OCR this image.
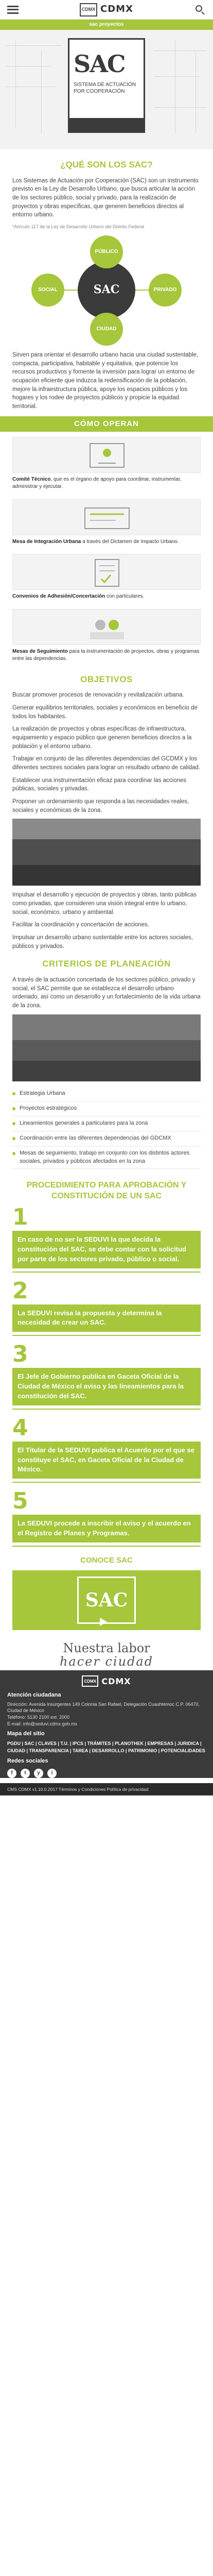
CDMX CDMX
sac proyectos
SAC
SISTEMA DE ACTUACIÓN POR COOPERACIÓN
¿QUÉ SON LOS SAC?

Los Sistemas de Actuación por Cooperación (SAC) son un instrumento previsto en la Ley de Desarrollo Urbano, que busca articular la acción de los sectores público, social y privado, para la realización de proyectos y obras específicas, que generen beneficios directos al entorno urbano.

*Artículo 117 de la Ley de Desarrollo Urbano del Distrito Federal

SAC
PÚBLICO
SOCIAL	PRIVADO
CIUDAD

Sirven para orientar el desarrollo urbano hacia una ciudad sustentable, compacta, participativa, habitable y equitativa, que potencie los recursos productivos y fomente la inversión para lograr un entorno de ocupación eficiente que induzca la redensificación de la población, mejore la infraestructura pública, apoye los espacios públicos y los hogares y los rodee de proyectos públicos y propicie la equidad territorial.

CÓMO OPERAN
Comité Técnico, que es el órgano de apoyo para coordinar, instrumentar, administrar y ejecutar.
Mesa de Integración Urbana a través del Dictamen de Impacto Urbano.
Convenios de Adhesión/Concertación con particulares.
Mesas de Seguimiento para la instrumentación de proyectos, obras y programas entre las dependencias.
OBJETIVOS

Buscar promover procesos de renovación y revitalización urbana.

Generar equilibrios territoriales, sociales y económicos en beneficio de todos los habitantes.

La realización de proyectos y obras específicas de infraestructura, equipamiento y espacio público que generen beneficios directos a la población y el entorno urbano.

Trabajar en conjunto de las diferentes dependencias del GCDMX y los diferentes sectores sociales para lograr un resultado urbano de calidad.

Establecer una instrumentación eficaz para coordinar las acciones públicas, sociales y privadas.

Proponer un ordenamiento que responda a las necesidades reales, sociales y económicas de la zona.

Impulsar el desarrollo y ejecución de proyectos y obras, tanto públicas como privadas, que consideren una visión integral entre lo urbano, social, económico, urbano y ambiental.

Facilitar la coordinación y concertación de acciones.

Impulsar un desarrollo urbano sustentable entre los actores sociales, públicos y privados.

CRITERIOS DE PLANEACIÓN

A través de la actuación concertada de los sectores público, privado y social, el SAC permite que se establezca el desarrollo urbano ordenado, así como un desarrollo y un fortalecimiento de la vida urbana de la zona.

Estrategia Urbana
Proyectos estratégicos
Lineamientos generales a particulares para la zona
Coordinación entre las diferentes dependencias del GDCMX
Mesas de seguimiento, trabajo en conjunto con los distintos actores sociales, privados y públicos afectados en la zona
PROCEDIMIENTO PARA APROBACIÓN Y CONSTITUCIÓN DE UN SAC
1
En caso de no ser la SEDUVI la que decida la constitución del SAC, se debe contar con la solicitud por parte de los sectores privado, público o social.
2
La SEDUVI revisa la propuesta y determina la necesidad de crear un SAC.
3
El Jefe de Gobierno publica en Gaceta Oficial de la Ciudad de México el aviso y las lineamientos para la constitución del SAC.
4
El Titular de la SEDUVI publica el Acuerdo por el que se constituye el SAC, en Gaceta Oficial de la Ciudad de México.
5
La SEDUVI procede a inscribir el aviso y el acuerdo en el Registro de Planes y Programas.
CONOCE SAC
SAC
Nuestra labor
hacer ciudad
CDMX CDMX
Atención ciudadana

Dirección: Avenida Insurgentes 149 Colonia San Rafael, Delegación Cuauhtémoc C.P. 06470, Ciudad de México

Teléfono: 5130 2100 ext. 2000

E-mail: info@seduvi.cdmx.gob.mx

Mapa del sitio
PGDU | SAC | CLAVES | T.U. | IPCS | TRÁMITES | PLANOTHEK | EMPRESAS | JURIDICA | CIUDAD | TRANSPARENCIA | TAREA | DESARROLLO | PATRIMONIO | POTENCIALIDADES
Redes sociales
f	t	y	i
CMS CDMX v1.10.0.2017 Términos y Condiciones Política de privacidad
